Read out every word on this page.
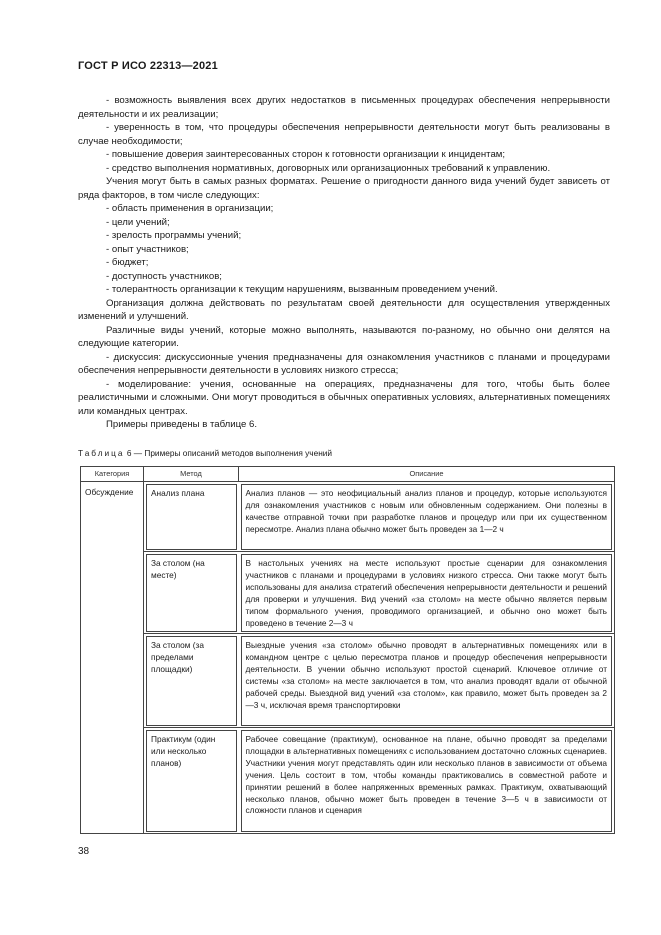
ГОСТ Р ИСО 22313—2021

- возможность выявления всех других недостатков в письменных процедурах обеспечения непрерывности деятельности и их реализации;

- уверенность в том, что процедуры обеспечения непрерывности деятельности могут быть реализованы в случае необходимости;

- повышение доверия заинтересованных сторон к готовности организации к инцидентам;

- средство выполнения нормативных, договорных или организационных требований к управлению.

Учения могут быть в самых разных форматах. Решение о пригодности данного вида учений будет зависеть от ряда факторов, в том числе следующих:

- область применения в организации;

- цели учений;

- зрелость программы учений;

- опыт участников;

- бюджет;

- доступность участников;

- толерантность организации к текущим нарушениям, вызванным проведением учений.

Организация должна действовать по результатам своей деятельности для осуществления утвержденных изменений и улучшений.

Различные виды учений, которые можно выполнять, называются по-разному, но обычно они делятся на следующие категории.

- дискуссия: дискуссионные учения предназначены для ознакомления участников с планами и процедурами обеспечения непрерывности деятельности в условиях низкого стресса;

- моделирование: учения, основанные на операциях, предназначены для того, чтобы быть более реалистичными и сложными. Они могут проводиться в обычных оперативных условиях, альтернативных помещениях или командных центрах.

Примеры приведены в таблице 6.

Таблица 6 — Примеры описаний методов выполнения учений
Категория	Метод	Описание
Обсуждение	Анализ плана	Анализ планов — это неофициальный анализ планов и процедур, которые используются для ознакомления участников с новым или обновленным содержанием. Они полезны в качестве отправной точки при разработке планов и процедур или при их существенном пересмотре. Анализ плана обычно может быть проведен за 1—2 ч

	За столом (на месте)	В настольных учениях на месте используют простые сценарии для ознакомления участников с планами и процедурами в условиях низкого стресса. Они также могут быть использованы для анализа стратегий обеспечения непрерывности деятельности и решений для проверки и улучшения. Вид учений «за столом» на месте обычно является первым типом формального учения, проводимого организацией, и обычно оно может быть проведено в течение 2—3 ч

	За столом (за пределами площадки)	Выездные учения «за столом» обычно проводят в альтернативных помещениях или в командном центре с целью пересмотра планов и процедур обеспечения непрерывности деятельности. В учении обычно используют простой сценарий. Ключевое отличие от системы «за столом» на месте заключается в том, что анализ проводят вдали от обычной рабочей среды. Выездной вид учений «за столом», как правило, может быть проведен за 2—3 ч, исключая время транспортировки

	Практикум (один или несколько планов)	Рабочее совещание (практикум), основанное на плане, обычно проводят за пределами площадки в альтернативных помещениях с использованием достаточно сложных сценариев. Участники учения могут представлять один или несколько планов в зависимости от объема учения. Цель состоит в том, чтобы команды практиковались в совместной работе и принятии решений в более напряженных временных рамках. Практикум, охватывающий несколько планов, обычно может быть проведен в течение 3—5 ч в зависимости от сложности планов и сценария
38
